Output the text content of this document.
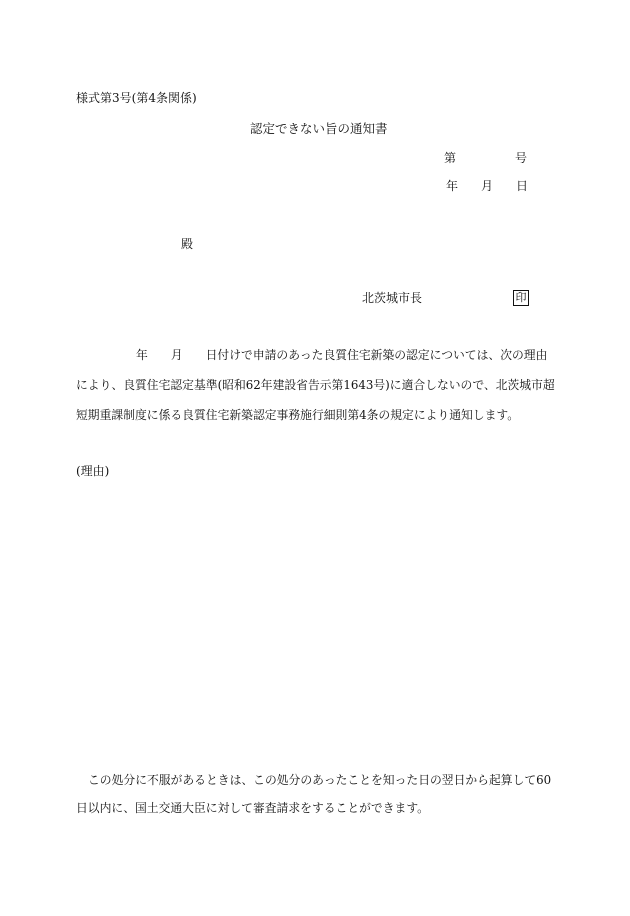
様式第3号(第4条関係)
認定できない旨の通知書
第	号
年 月 日
殿
北茨城市長	印
年 月 日付けで申請のあった良質住宅新築の認定については、次の理由
により、良質住宅認定基準(昭和62年建設省告示第1643号)に適合しないので、北茨城市超
短期重課制度に係る良質住宅新築認定事務施行細則第4条の規定により通知します。
(理由)
この処分に不服があるときは、この処分のあったことを知った日の翌日から起算して60
日以内に、国土交通大臣に対して審査請求をすることができます。
